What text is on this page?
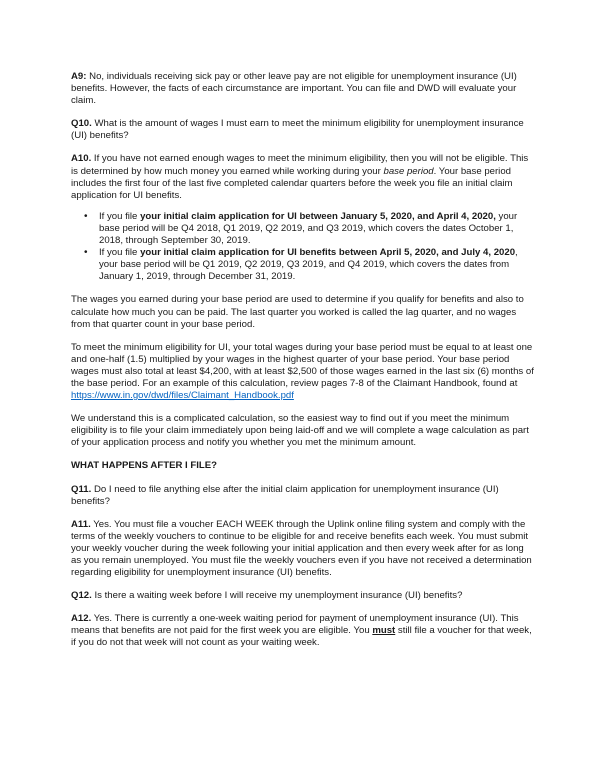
A9: No, individuals receiving sick pay or other leave pay are not eligible for unemployment insurance (UI) benefits. However, the facts of each circumstance are important. You can file and DWD will evaluate your claim.

Q10. What is the amount of wages I must earn to meet the minimum eligibility for unemployment insurance (UI) benefits?

A10. If you have not earned enough wages to meet the minimum eligibility, then you will not be eligible. This is determined by how much money you earned while working during your base period. Your base period includes the first four of the last five completed calendar quarters before the week you file an initial claim application for UI benefits.

• If you file your initial claim application for UI between January 5, 2020, and April 4, 2020, your base period will be Q4 2018, Q1 2019, Q2 2019, and Q3 2019, which covers the dates October 1, 2018, through September 30, 2019.
• If you file your initial claim application for UI benefits between April 5, 2020, and July 4, 2020, your base period will be Q1 2019, Q2 2019, Q3 2019, and Q4 2019, which covers the dates from January 1, 2019, through December 31, 2019.

The wages you earned during your base period are used to determine if you qualify for benefits and also to calculate how much you can be paid. The last quarter you worked is called the lag quarter, and no wages from that quarter count in your base period.

To meet the minimum eligibility for UI, your total wages during your base period must be equal to at least one and one-half (1.5) multiplied by your wages in the highest quarter of your base period. Your base period wages must also total at least $4,200, with at least $2,500 of those wages earned in the last six (6) months of the base period. For an example of this calculation, review pages 7-8 of the Claimant Handbook, found at https://www.in.gov/dwd/files/Claimant_Handbook.pdf

We understand this is a complicated calculation, so the easiest way to find out if you meet the minimum eligibility is to file your claim immediately upon being laid-off and we will complete a wage calculation as part of your application process and notify you whether you met the minimum amount.

WHAT HAPPENS AFTER I FILE?

Q11. Do I need to file anything else after the initial claim application for unemployment insurance (UI) benefits?

A11. Yes. You must file a voucher EACH WEEK through the Uplink online filing system and comply with the terms of the weekly vouchers to continue to be eligible for and receive benefits each week. You must submit your weekly voucher during the week following your initial application and then every week after for as long as you remain unemployed. You must file the weekly vouchers even if you have not received a determination regarding eligibility for unemployment insurance (UI) benefits.

Q12. Is there a waiting week before I will receive my unemployment insurance (UI) benefits?

A12. Yes. There is currently a one-week waiting period for payment of unemployment insurance (UI). This means that benefits are not paid for the first week you are eligible. You must still file a voucher for that week, if you do not that week will not count as your waiting week.
